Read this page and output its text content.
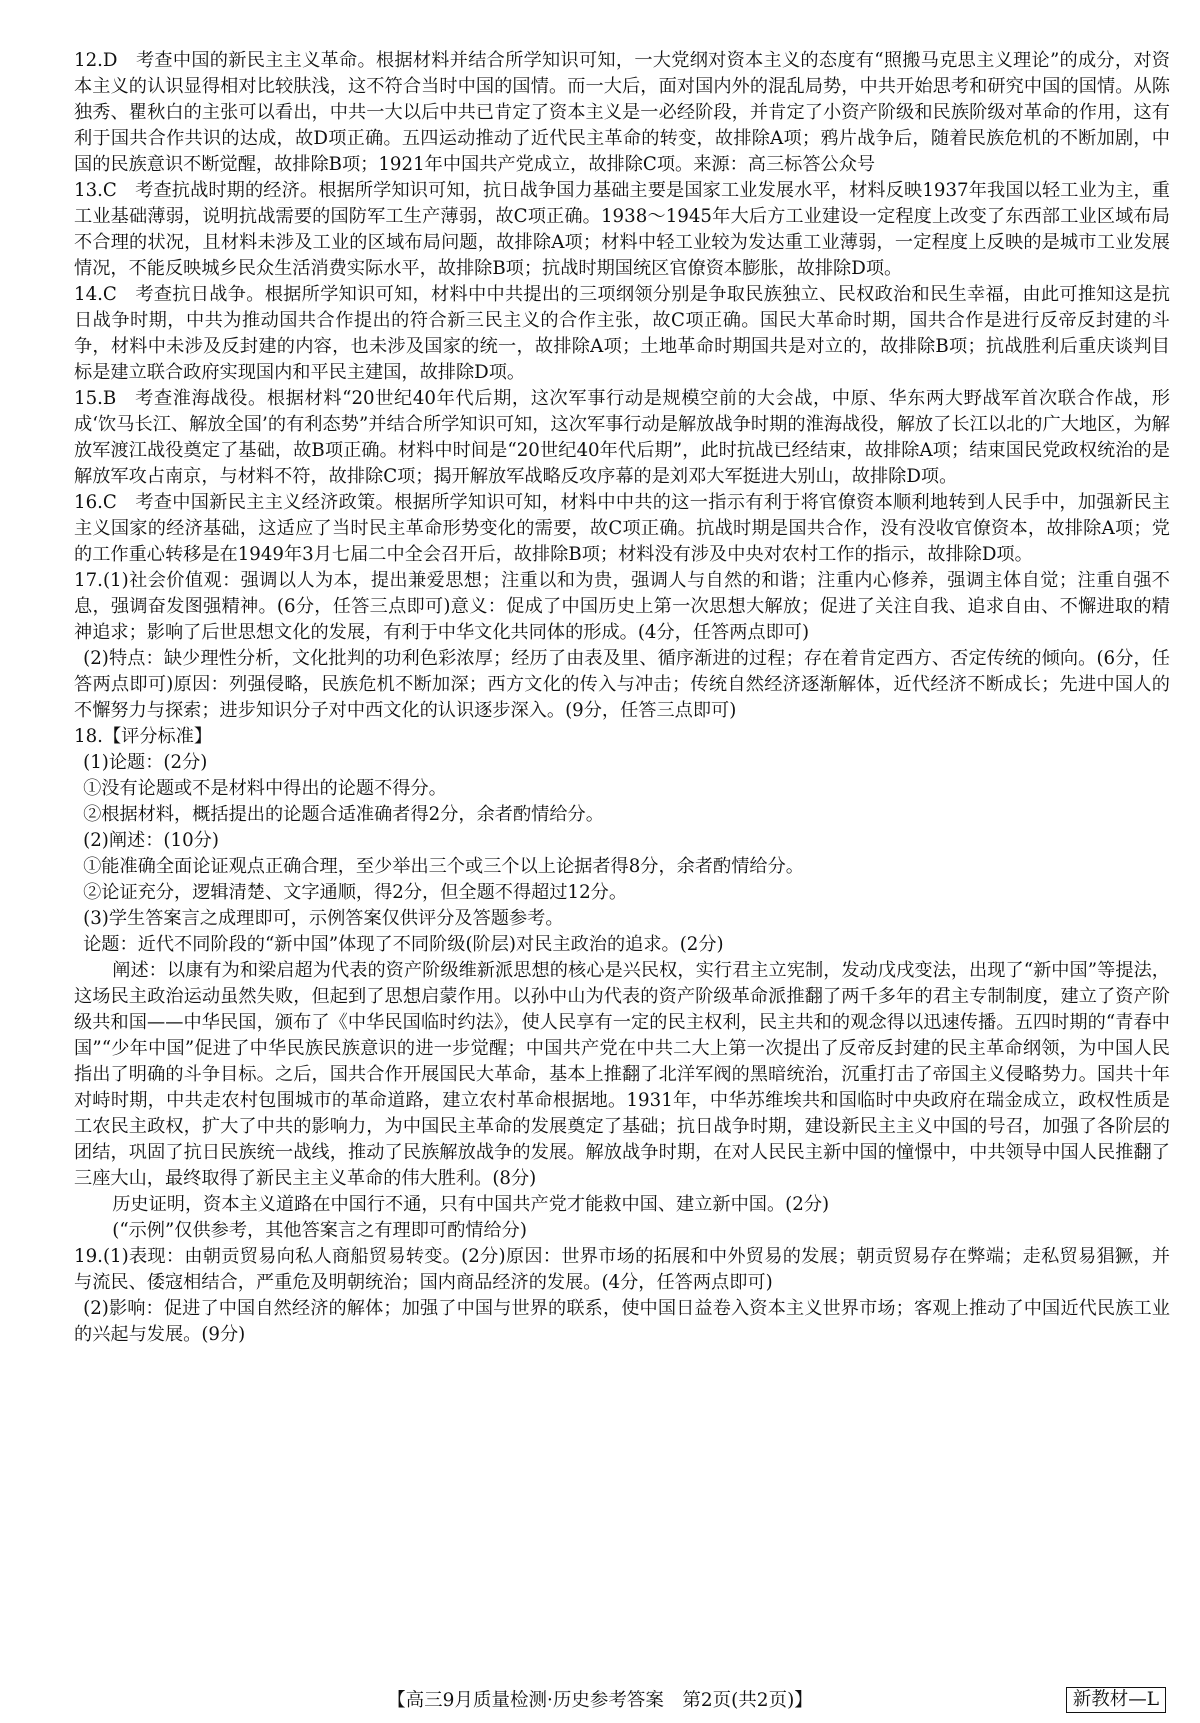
12.D  考查中国的新民主主义革命。根据材料并结合所学知识可知，一大党纲对资本主义的态度有“照搬马克思主义理论”的成分，对资本主义的认识显得相对比较肤浅，这不符合当时中国的国情。而一大后，面对国内外的混乱局势，中共开始思考和研究中国的国情。从陈独秀、瞿秋白的主张可以看出，中共一大以后中共已肯定了资本主义是一必经阶段，并肯定了小资产阶级和民族阶级对革命的作用，这有利于国共合作共识的达成，故D项正确。五四运动推动了近代民主革命的转变，故排除A项；鸦片战争后，随着民族危机的不断加剧，中国的民族意识不断觉醒，故排除B项；1921年中国共产党成立，故排除C项。来源：高三标答公众号

13.C  考查抗战时期的经济。根据所学知识可知，抗日战争国力基础主要是国家工业发展水平，材料反映1937年我国以轻工业为主，重工业基础薄弱，说明抗战需要的国防军工生产薄弱，故C项正确。1938～1945年大后方工业建设一定程度上改变了东西部工业区域布局不合理的状况，且材料未涉及工业的区域布局问题，故排除A项；材料中轻工业较为发达重工业薄弱，一定程度上反映的是城市工业发展情况，不能反映城乡民众生活消费实际水平，故排除B项；抗战时期国统区官僚资本膨胀，故排除D项。

14.C  考查抗日战争。根据所学知识可知，材料中中共提出的三项纲领分别是争取民族独立、民权政治和民生幸福，由此可推知这是抗日战争时期，中共为推动国共合作提出的符合新三民主义的合作主张，故C项正确。国民大革命时期，国共合作是进行反帝反封建的斗争，材料中未涉及反封建的内容，也未涉及国家的统一，故排除A项；土地革命时期国共是对立的，故排除B项；抗战胜利后重庆谈判目标是建立联合政府实现国内和平民主建国，故排除D项。

15.B  考查淮海战役。根据材料“20世纪40年代后期，这次军事行动是规模空前的大会战，中原、华东两大野战军首次联合作战，形成‘饮马长江、解放全国’的有利态势”并结合所学知识可知，这次军事行动是解放战争时期的淮海战役，解放了长江以北的广大地区，为解放军渡江战役奠定了基础，故B项正确。材料中时间是“20世纪40年代后期”，此时抗战已经结束，故排除A项；结束国民党政权统治的是解放军攻占南京，与材料不符，故排除C项；揭开解放军战略反攻序幕的是刘邓大军挺进大别山，故排除D项。

16.C  考查中国新民主主义经济政策。根据所学知识可知，材料中中共的这一指示有利于将官僚资本顺利地转到人民手中，加强新民主主义国家的经济基础，这适应了当时民主革命形势变化的需要，故C项正确。抗战时期是国共合作，没有没收官僚资本，故排除A项；党的工作重心转移是在1949年3月七届二中全会召开后，故排除B项；材料没有涉及中央对农村工作的指示，故排除D项。

17.(1)社会价值观：强调以人为本，提出兼爱思想；注重以和为贵，强调人与自然的和谐；注重内心修养，强调主体自觉；注重自强不息，强调奋发图强精神。(6分，任答三点即可)意义：促成了中国历史上第一次思想大解放；促进了关注自我、追求自由、不懈进取的精神追求；影响了后世思想文化的发展，有利于中华文化共同体的形成。(4分，任答两点即可)

 (2)特点：缺少理性分析，文化批判的功利色彩浓厚；经历了由表及里、循序渐进的过程；存在着肯定西方、否定传统的倾向。(6分，任答两点即可)原因：列强侵略，民族危机不断加深；西方文化的传入与冲击；传统自然经济逐渐解体，近代经济不断成长；先进中国人的不懈努力与探索；进步知识分子对中西文化的认识逐步深入。(9分，任答三点即可)

18.【评分标准】

 (1)论题：(2分)

 ①没有论题或不是材料中得出的论题不得分。

 ②根据材料，概括提出的论题合适准确者得2分，余者酌情给分。

 (2)阐述：(10分)

 ①能准确全面论证观点正确合理，至少举出三个或三个以上论据者得8分，余者酌情给分。

 ②论证充分，逻辑清楚、文字通顺，得2分，但全题不得超过12分。

 (3)学生答案言之成理即可，示例答案仅供评分及答题参考。

 论题：近代不同阶段的“新中国”体现了不同阶级(阶层)对民主政治的追求。(2分)

阐述：以康有为和梁启超为代表的资产阶级维新派思想的核心是兴民权，实行君主立宪制，发动戊戌变法，出现了“新中国”等提法，这场民主政治运动虽然失败，但起到了思想启蒙作用。以孙中山为代表的资产阶级革命派推翻了两千多年的君主专制制度，建立了资产阶级共和国——中华民国，颁布了《中华民国临时约法》，使人民享有一定的民主权利，民主共和的观念得以迅速传播。五四时期的“青春中国”“少年中国”促进了中华民族民族意识的进一步觉醒；中国共产党在中共二大上第一次提出了反帝反封建的民主革命纲领，为中国人民指出了明确的斗争目标。之后，国共合作开展国民大革命，基本上推翻了北洋军阀的黑暗统治，沉重打击了帝国主义侵略势力。国共十年对峙时期，中共走农村包围城市的革命道路，建立农村革命根据地。1931年，中华苏维埃共和国临时中央政府在瑞金成立，政权性质是工农民主政权，扩大了中共的影响力，为中国民主革命的发展奠定了基础；抗日战争时期，建设新民主主义中国的号召，加强了各阶层的团结，巩固了抗日民族统一战线，推动了民族解放战争的发展。解放战争时期，在对人民民主新中国的憧憬中，中共领导中国人民推翻了三座大山，最终取得了新民主主义革命的伟大胜利。(8分)

历史证明，资本主义道路在中国行不通，只有中国共产党才能救中国、建立新中国。(2分)

(“示例”仅供参考，其他答案言之有理即可酌情给分)

19.(1)表现：由朝贡贸易向私人商船贸易转变。(2分)原因：世界市场的拓展和中外贸易的发展；朝贡贸易存在弊端；走私贸易猖獗，并与流民、倭寇相结合，严重危及明朝统治；国内商品经济的发展。(4分，任答两点即可)

 (2)影响：促进了中国自然经济的解体；加强了中国与世界的联系，使中国日益卷入资本主义世界市场；客观上推动了中国近代民族工业的兴起与发展。(9分)

【高三9月质量检测·历史参考答案　第2页(共2页)】	新教材—L
